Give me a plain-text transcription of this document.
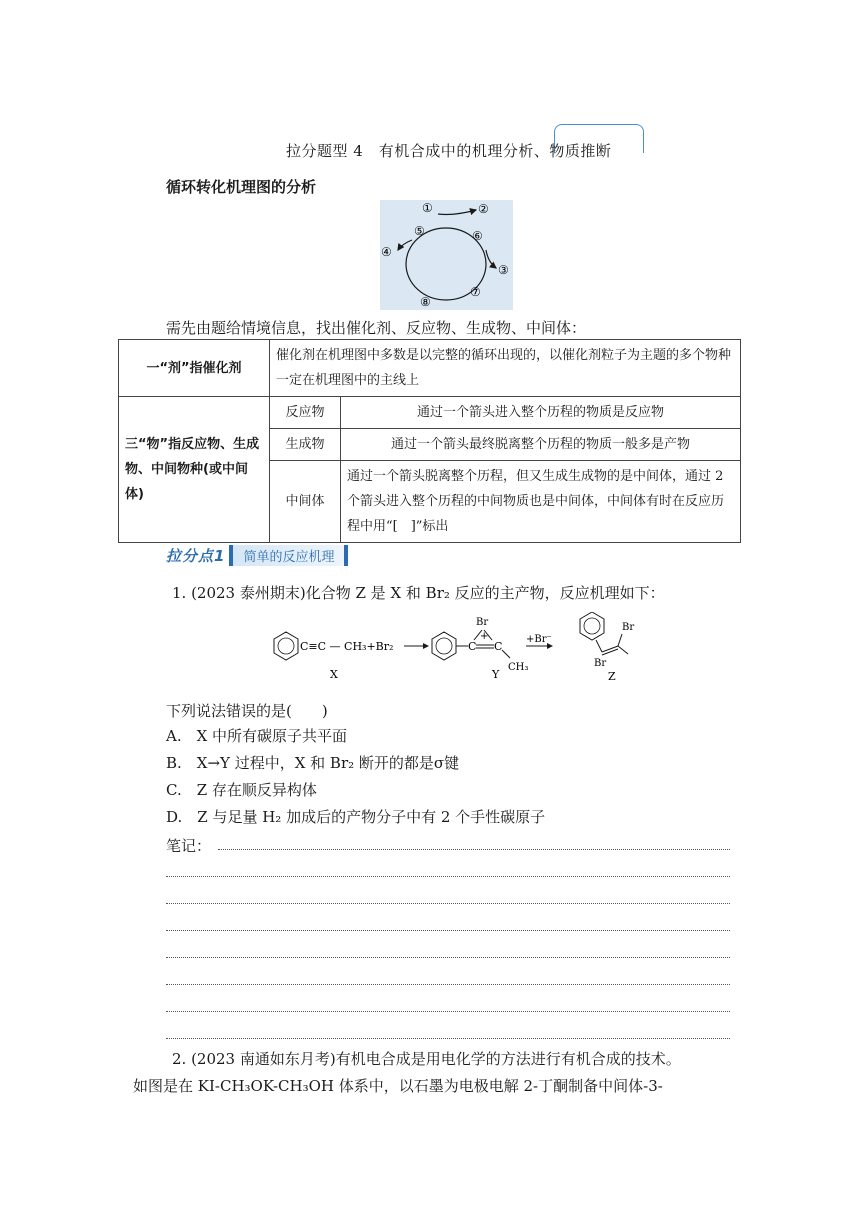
拉分题型 4　有机合成中的机理分析、物质推断
循环转化机理图的分析
①	②
③
④
⑤	⑥
⑦
⑧
需先由题给情境信息，找出催化剂、反应物、生成物、中间体：
一“剂”指催化剂	催化剂在机理图中多数是以完整的循环出现的，以催化剂粒子为主题的多个物种一定在机理图中的主线上	
三“物”指反应物、生成物、中间物种(或中间体)	反应物	通过一个箭头进入整个历程的物质是反应物
	生成物	通过一个箭头最终脱离整个历程的物质一般多是产物
	中间体	通过一个箭头脱离整个历程，但又生成生成物的是中间体，通过 2 个箭头进入整个历程的中间物质也是中间体，中间体有时在反应历程中用“[　]”标出
拉分点1 简单的反应机理
1. (2023 泰州期末)化合物 Z 是 X 和 Br₂ 反应的主产物，反应机理如下：
C≡C — CH₃+Br₂
X
C C
Br
+
CH₃
Y
+Br⁻
Br
Br
Z
下列说法错误的是(　　)
A.　X 中所有碳原子共平面
B.　X→Y 过程中，X 和 Br₂ 断开的都是σ键
C.　Z 存在顺反异构体
D.　Z 与足量 H₂ 加成后的产物分子中有 2 个手性碳原子
笔记：
2. (2023 南通如东月考)有机电合成是用电化学的方法进行有机合成的技术。
如图是在 KI-CH₃OK-CH₃OH 体系中，以石墨为电极电解 2-丁酮制备中间体-3-
